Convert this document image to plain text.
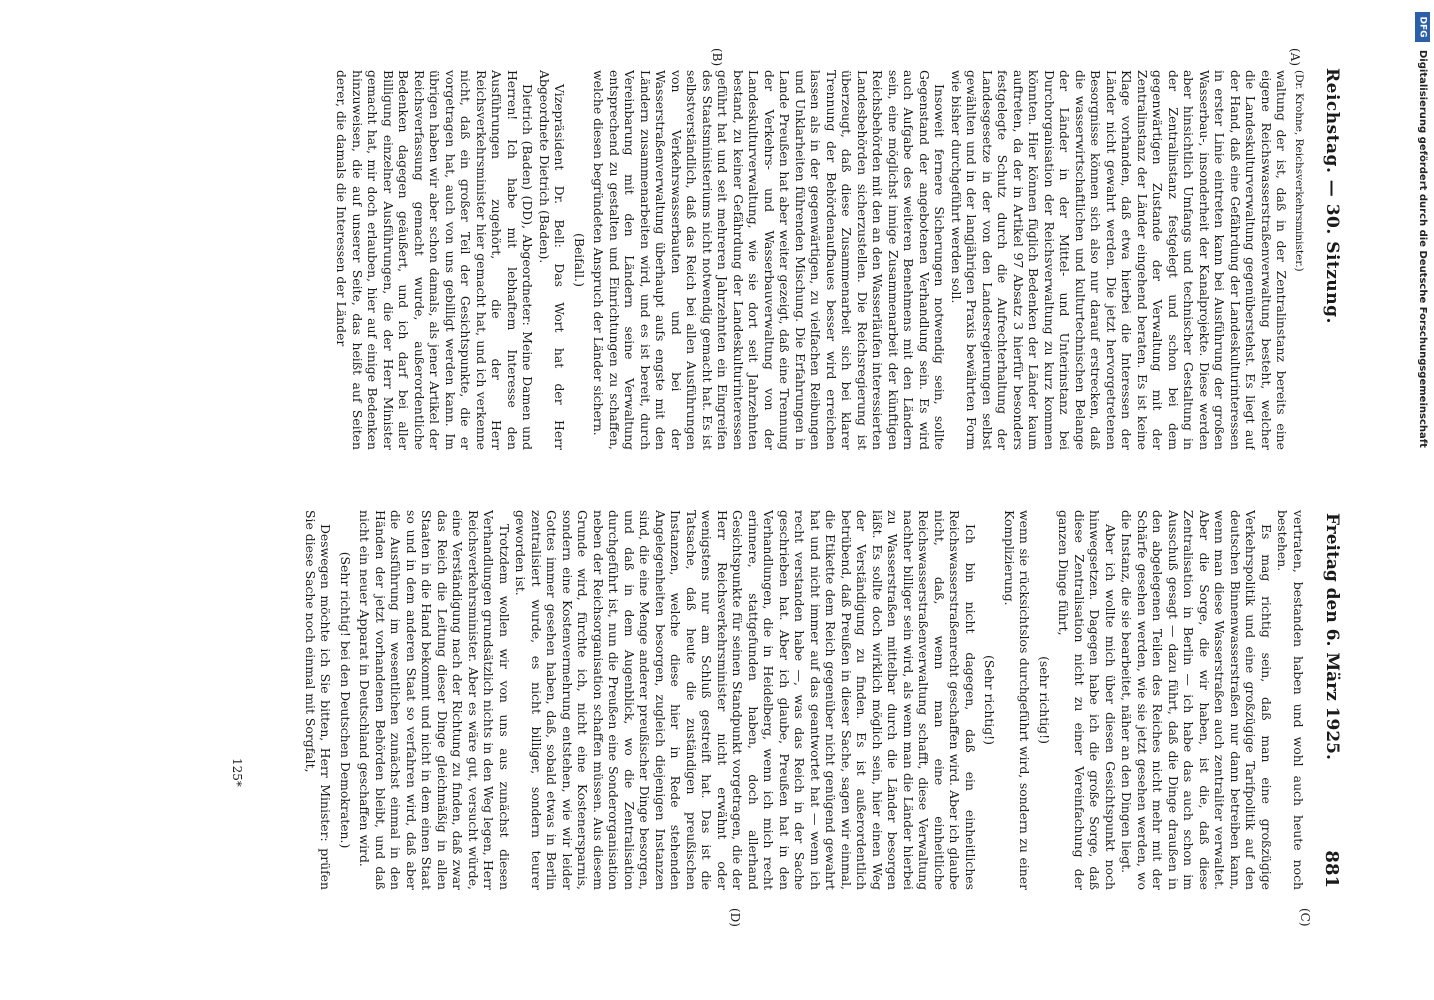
Reichstag. — 30. Sitzung.
Freitag den 6. März 1925.
881
(A)
(B)
(C)
(D)

(Dr. Krohne, Reichsverkehrsminister.)

waltung der ist, daß in der Zentralinstanz bereits eine eigene Reichswasserstraßenverwaltung besteht, welcher die Landeskulturverwaltung gegenüberstehst. Es liegt auf der Hand, daß eine Gefährdung der Landeskulturinteressen in erster Linie eintreten kann bei Ausführung der großen Wasserbau-, insonderheit der Kanalprojekte. Diese werden aber hinsichtlich Umfangs und technischer Gestaltung in der Zentralinstanz festgelegt und schon bei dem gegenwärtigen Zustande der Verwaltung mit der Zentralinstanz der Länder eingehend beraten. Es ist keine Klage vorhanden, daß etwa hierbei die Interessen der Länder nicht gewahrt werden. Die jetzt hervorgetretenen Besorgnisse können sich also nur darauf erstrecken, daß die wasserwirtschaftlichen und kulturtechnischen Belange der Länder in der Mittel- und Unterinstanz bei Durchorganisation der Reichsverwaltung zu kurz kommen könnten. Hier können füglich Bedenken der Länder kaum auftreten, da der in Artikel 97 Absatz 3 hierfür besonders festgelegte Schutz durch die Aufrechterhaltung der Landesgesetze in der von den Landesregierungen selbst gewählten und in der langjährigen Praxis bewährten Form wie bisher durchgeführt werden soll.

Insoweit fernere Sicherungen notwendig sein, sollte Gegenstand der angebotenen Verhandlung sein. Es wird auch Aufgabe des weiteren Benehmens mit den Ländern sein, eine möglichst innige Zusammenarbeit der künftigen Reichsbehörden mit den an den Wasserläufen interessierten Landesbehörden sicherzustellen. Die Reichsregierung ist überzeugt, daß diese Zusammenarbeit sich bei klarer Trennung der Behördenaufbaues besser wird erreichen lassen als in der gegenwärtigen, zu vielfachen Reibungen und Unklarheiten führenden Mischung. Die Erfahrungen in Lande Preußen hat aber weiter gezeigt, daß eine Trennung der Verkehrs- und Wasserbauverwaltung von der Landeskulturverwaltung, wie sie dort seit Jahrzehnten bestand, zu keiner Gefährdung der Landeskulturinteressen geführt hat und seit mehreren Jahrzehnten ein Eingreifen des Staatsministeriums nicht notwendig gemacht hat. Es ist selbstverständlich, daß das Reich bei allen Ausführungen von Verkehrswasserbauten und bei der Wasserstraßenverwaltung überhaupt aufs engste mit den Ländern zusammenarbeiten wird, und es ist bereit, durch Vereinbarung mit den Ländern seine Verwaltung entsprechend zu gestalten und Einrichtungen zu schaffen, welche diesen begründeten Anspruch der Länder sichern.

(Beifall.)

Vizepräsident Dr. Bell: Das Wort hat der Herr Abgeordnete Dietrich (Baden).

Dietrich (Baden) (DD), Abgeordneter: Meine Damen und Herren! Ich habe mit lebhaftem Interesse den Ausführungen zugehört, die der Herr Reichsverkehrsminister hier gemacht hat, und ich verkenne nicht, daß ein großer Teil der Gesichtspunkte, die er vorgetragen hat, auch von uns gebilligt werden kann. Im übrigen haben wir aber schon damals, als jener Artikel der Reichsverfassung gemacht wurde, außerordentliche Bedenken dagegen geäußert, und ich darf bei aller Billigung einzelner Ausführungen, die der Herr Minister gemacht hat, mir doch erlauben, hier auf einige Bedenken hinzuweisen, die auf unserer Seite, das heißt auf Seiten derer, die damals die Interessen der Länder

vertraten, bestanden haben und wohl auch heute noch bestehen.

Es mag richtig sein, daß man eine großzügige Verkehrspolitik und eine großzügige Tarifpolitik auf den deutschen Binnenwasserstraßen nur dann betreiben kann, wenn man diese Wasserstraßen auch zentraliter verwaltet. Aber die Sorge, die wir haben, ist die, daß diese Zentralisation in Berlin — ich habe das auch schon im Ausschuß gesagt — dazu führt, daß die Dinge draußen in den abgelegenen Teilen des Reiches nicht mehr mit der Schärfe gesehen werden, wie sie jetzt gesehen werden, wo die Instanz, die sie bearbeitet, näher an den Dingen liegt.

Aber ich wollte mich über diesen Gesichtspunkt noch hinwegsetzen. Dagegen habe ich die große Sorge, daß diese Zentralisation nicht zu einer Vereinfachung der ganzen Dinge führt,

(sehr richtig!)

wenn sie rücksichtslos durchgeführt wird, sondern zu einer Komplizierung.

(Sehr richtig!)

Ich bin nicht dagegen, daß ein einheitliches Reichswasserstraßenrecht geschaffen wird. Aber ich glaube nicht, daß, wenn man eine einheitliche Reichswasserstraßenverwaltung schafft, diese Verwaltung nachher billiger sein wird, als wenn man die Länder hierbei zu Wasserstraßen mittelbar durch die Länder besorgen läßt. Es sollte doch wirklich möglich sein, hier einen Weg der Verständigung zu finden. Es ist außerordentlich betrübend, daß Preußen in dieser Sache, sagen wir einmal, die Etikette dem Reich gegenüber nicht genügend gewahrt hat und nicht immer auf das geantwortet hat — wenn ich recht verstanden habe —, was das Reich in der Sache geschrieben hat. Aber ich glaube, Preußen hat in den Verhandlungen, die in Heidelberg, wenn ich mich recht erinnere, stattgefunden haben, doch allerhand Gesichtspunkte für seinen Standpunkt vorgetragen, die der Herr Reichsverkehrsminister nicht erwähnt oder wenigstens nur am Schluß gestreift hat. Das ist die Tatsache, daß heute die zuständigen preußischen Instanzen, welche diese hier in Rede stehenden Angelegenheiten besorgen, zugleich diejenigen Instanzen sind, die eine Menge anderer preußischer Dinge besorgen, und daß in dem Augenblick, wo die Zentralisation durchgeführt ist, nun die Preußen eine Sonderorganisation neben der Reichsorganisation schaffen müssen. Aus diesem Grunde wird, fürchte ich, nicht eine Kostenersparnis, sondern eine Kostenvermehrung entstehen, wie wir leider Gottes immer gesehen haben, daß, sobald etwas in Berlin zentralisiert wurde, es nicht billiger, sondern teurer geworden ist.

Trotzdem wollen wir von uns aus zunächst diesen Verhandlungen grundsätzlich nichts in den Weg legen, Herr Reichsverkehrsminister. Aber es wäre gut, versucht würde, eine Verständigung nach der Richtung zu finden, daß zwar das Reich die Leitung dieser Dinge gleichmäßig in allen Staaten in die Hand bekommt und nicht in dem einen Staat so und in dem anderen Staat so verfahren wird, daß aber die Ausführung im wesentlichen zunächst einmal in den Händen der jetzt vorhandenen Behörden bleibt, und daß nicht ein neuer Apparat in Deutschland geschaffen wird.

(Sehr richtig! bei den Deutschen Demokraten.)

Deswegen möchte ich Sie bitten, Herr Minister: prüfen Sie diese Sache noch einmal mit Sorgfalt,

125*
DFG
Digitalisierung gefördert durch die Deutsche Forschungsgemeinschaft
